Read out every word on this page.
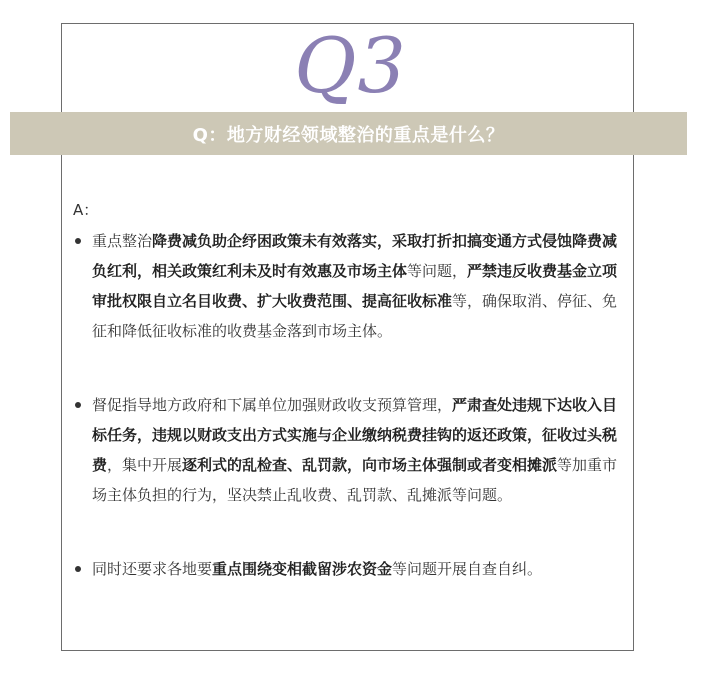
Q3
Q：地方财经领域整治的重点是什么？
A：
重点整治降费减负助企纾困政策未有效落实，采取打折扣搞变通方式侵蚀降费减负红利，相关政策红利未及时有效惠及市场主体等问题，严禁违反收费基金立项审批权限自立名目收费、扩大收费范围、提高征收标准等，确保取消、停征、免征和降低征收标准的收费基金落到市场主体。
督促指导地方政府和下属单位加强财政收支预算管理，严肃查处违规下达收入目标任务，违规以财政支出方式实施与企业缴纳税费挂钩的返还政策，征收过头税费，集中开展逐利式的乱检查、乱罚款，向市场主体强制或者变相摊派等加重市场主体负担的行为，坚决禁止乱收费、乱罚款、乱摊派等问题。
同时还要求各地要重点围绕变相截留涉农资金等问题开展自查自纠。
